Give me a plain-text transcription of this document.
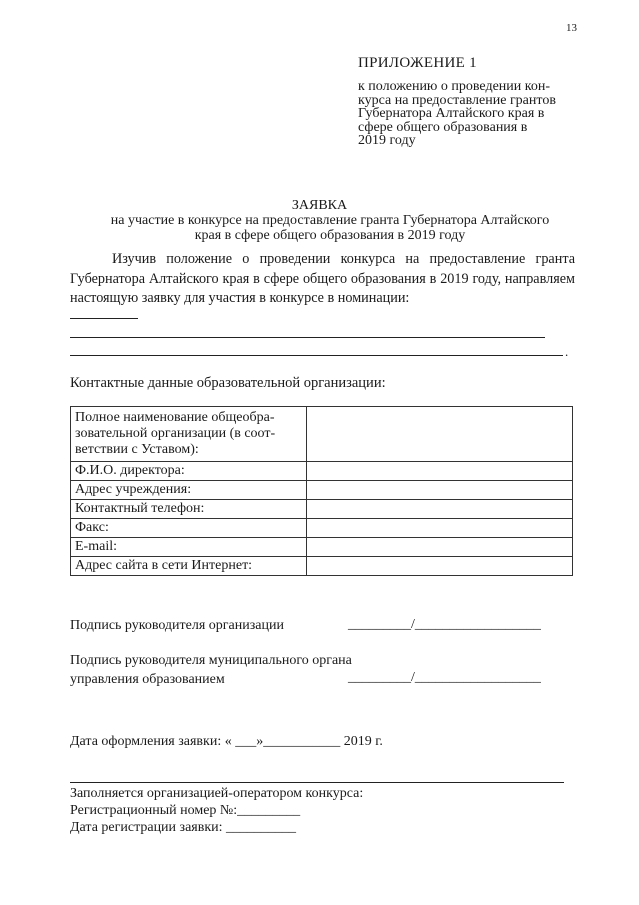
13
ПРИЛОЖЕНИЕ 1
к положению о проведении кон-
курса на предоставление грантов
Губернатора Алтайского края в
сфере общего образования в
2019 году
ЗАЯВКА
на участие в конкурсе на предоставление гранта Губернатора Алтайского
края в сфере общего образования в 2019 году
Изучив положение о проведении конкурса на предоставление гранта Губернатора Алтайского края в сфере общего образования в 2019 году, направляем настоящую заявку для участия в конкурсе в номинации:
.
Контактные данные образовательной организации:
Полное наименование общеобра-зовательной организации (в соот-ветствии с Уставом):	
Ф.И.О. директора:	
Адрес учреждения:	
Контактный телефон:	
Факс:	
E-mail:	
Адрес сайта в сети Интернет:	
Подпись руководителя организации	_________/__________________
Подпись руководителя муниципального органа
управления образованием	_________/__________________
Дата оформления заявки: « ___»___________ 2019 г.
Заполняется организацией-оператором конкурса:
Регистрационный номер №:_________
Дата регистрации заявки: __________
